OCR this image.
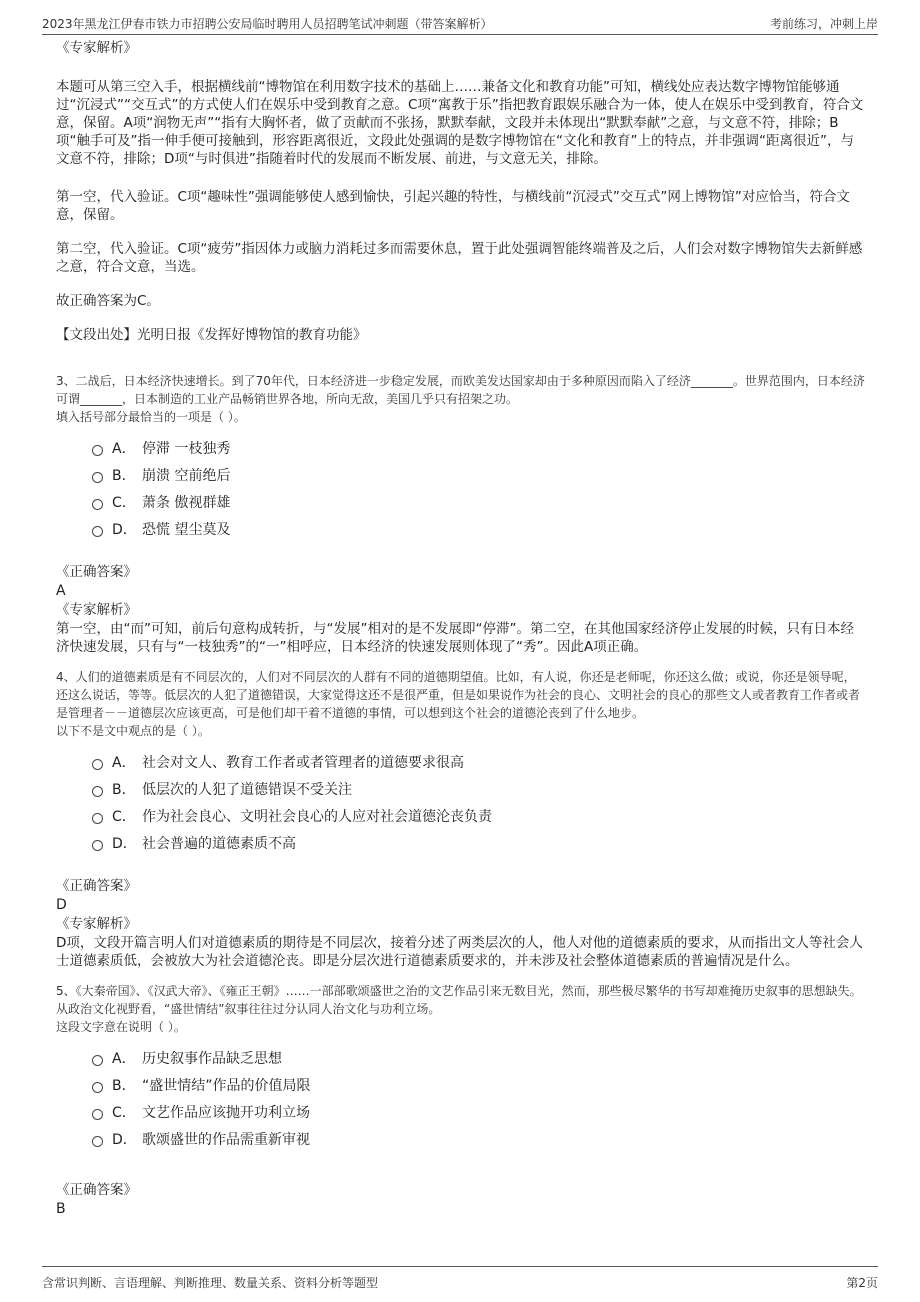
2023年黑龙江伊春市铁力市招聘公安局临时聘用人员招聘笔试冲刺题（带答案解析）	考前练习，冲刺上岸
《专家解析》

本题可从第三空入手，根据横线前“博物馆在利用数字技术的基础上……兼备文化和教育功能”可知，横线处应表达数字博物馆能够通过“沉浸式”“交互式”的方式使人们在娱乐中受到教育之意。C项“寓教于乐”指把教育跟娱乐融合为一体，使人在娱乐中受到教育，符合文意，保留。A项“润物无声”“指有大胸怀者，做了贡献而不张扬，默默奉献，文段并未体现出“默默奉献”之意，与文意不符，排除；B项“触手可及”指一伸手便可接触到，形容距离很近，文段此处强调的是数字博物馆在“文化和教育”上的特点，并非强调“距离很近”，与文意不符，排除；D项“与时俱进”指随着时代的发展而不断发展、前进，与文意无关，排除。

第一空，代入验证。C项“趣味性”强调能够使人感到愉快，引起兴趣的特性，与横线前“沉浸式”交互式”网上博物馆”对应恰当，符合文意，保留。

第二空，代入验证。C项“疲劳”指因体力或脑力消耗过多而需要休息，置于此处强调智能终端普及之后，人们会对数字博物馆失去新鲜感之意，符合文意，当选。

故正确答案为C。

【文段出处】光明日报《发挥好博物馆的教育功能》

3、二战后，日本经济快速增长。到了70年代，日本经济进一步稳定发展，而欧美发达国家却由于多种原因而陷入了经济_______。世界范围内，日本经济可谓_______，日本制造的工业产品畅销世界各地，所向无敌，美国几乎只有招架之功。

填入括号部分最恰当的一项是（ ）。

A． 停滞 一枝独秀
B． 崩溃 空前绝后
C． 萧条 傲视群雄
D． 恐慌 望尘莫及
《正确答案》
A
《专家解析》

第一空，由“而”可知，前后句意构成转折，与“发展”相对的是不发展即“停滞”。第二空，在其他国家经济停止发展的时候，只有日本经济快速发展，只有与“一枝独秀”的“一”相呼应，日本经济的快速发展则体现了“秀”。因此A项正确。

4、人们的道德素质是有不同层次的，人们对不同层次的人群有不同的道德期望值。比如，有人说，你还是老师呢，你还这么做；或说，你还是领导呢，还这么说话，等等。低层次的人犯了道德错误，大家觉得这还不是很严重，但是如果说作为社会的良心、文明社会的良心的那些文人或者教育工作者或者是管理者－－道德层次应该更高，可是他们却干着不道德的事情，可以想到这个社会的道德沦丧到了什么地步。

以下不是文中观点的是（ ）。

A． 社会对文人、教育工作者或者管理者的道德要求很高
B． 低层次的人犯了道德错误不受关注
C． 作为社会良心、文明社会良心的人应对社会道德沦丧负责
D． 社会普遍的道德素质不高
《正确答案》
D
《专家解析》

D项，文段开篇言明人们对道德素质的期待是不同层次，接着分述了两类层次的人，他人对他的道德素质的要求，从而指出文人等社会人士道德素质低，会被放大为社会道德沦丧。即是分层次进行道德素质要求的，并未涉及社会整体道德素质的普遍情况是什么。

5、《大秦帝国》、《汉武大帝》、《雍正王朝》……一部部歌颂盛世之治的文艺作品引来无数目光，然而，那些极尽繁华的书写却难掩历史叙事的思想缺失。从政治文化视野看，“盛世情结”叙事往往过分认同人治文化与功利立场。

这段文字意在说明（ ）。

A． 历史叙事作品缺乏思想
B． “盛世情结”作品的价值局限
C． 文艺作品应该抛开功利立场
D． 歌颂盛世的作品需重新审视
《正确答案》
B
含常识判断、言语理解、判断推理、数量关系、资料分析等题型	第2页
